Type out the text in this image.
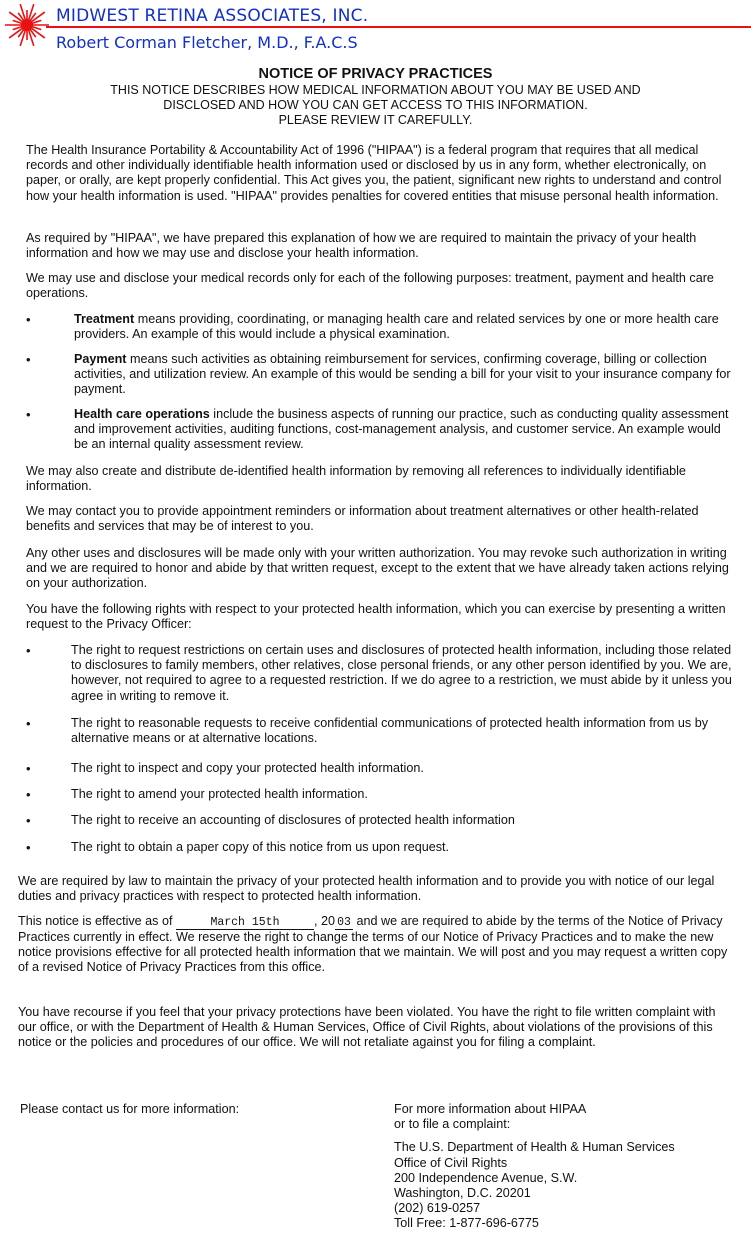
MIDWEST RETINA ASSOCIATES, INC.
Robert Corman Fletcher, M.D., F.A.C.S

NOTICE OF PRIVACY PRACTICES

THIS NOTICE DESCRIBES HOW MEDICAL INFORMATION ABOUT YOU MAY BE USED AND

DISCLOSED AND HOW YOU CAN GET ACCESS TO THIS INFORMATION.

PLEASE REVIEW IT CAREFULLY.

The Health Insurance Portability & Accountability Act of 1996 ("HIPAA") is a federal program that requires that all medical records and other individually identifiable health information used or disclosed by us in any form, whether electronically, on paper, or orally, are kept properly confidential. This Act gives you, the patient, significant new rights to understand and control how your health information is used. "HIPAA" provides penalties for covered entities that misuse personal health information.

As required by "HIPAA", we have prepared this explanation of how we are required to maintain the privacy of your health information and how we may use and disclose your health information.

We may use and disclose your medical records only for each of the following purposes: treatment, payment and health care operations.

•	Treatment means providing, coordinating, or managing health care and related services by one or more health care providers. An example of this would include a physical examination.
•	Payment means such activities as obtaining reimbursement for services, confirming coverage, billing or collection activities, and utilization review. An example of this would be sending a bill for your visit to your insurance company for payment.
•	Health care operations include the business aspects of running our practice, such as conducting quality assessment and improvement activities, auditing functions, cost-management analysis, and customer service. An example would be an internal quality assessment review.

We may also create and distribute de-identified health information by removing all references to individually identifiable information.

We may contact you to provide appointment reminders or information about treatment alternatives or other health-related benefits and services that may be of interest to you.

Any other uses and disclosures will be made only with your written authorization. You may revoke such authorization in writing and we are required to honor and abide by that written request, except to the extent that we have already taken actions relying on your authorization.

You have the following rights with respect to your protected health information, which you can exercise by presenting a written request to the Privacy Officer:

•	The right to request restrictions on certain uses and disclosures of protected health information, including those related to disclosures to family members, other relatives, close personal friends, or any other person identified by you. We are, however, not required to agree to a requested restriction. If we do agree to a restriction, we must abide by it unless you agree in writing to remove it.
•	The right to reasonable requests to receive confidential communications of protected health information from us by alternative means or at alternative locations.
•	The right to inspect and copy your protected health information.
•	The right to amend your protected health information.
•	The right to receive an accounting of disclosures of protected health information
•	The right to obtain a paper copy of this notice from us upon request.

We are required by law to maintain the privacy of your protected health information and to provide you with notice of our legal duties and privacy practices with respect to protected health information.

This notice is effective as of	March 15th	, 20 03 and we are required to abide by the terms of the Notice of Privacy Practices currently in effect. We reserve the right to change the terms of our Notice of Privacy Practices and to make the new notice provisions effective for all protected health information that we maintain. We will post and you may request a written copy of a revised Notice of Privacy Practices from this office.

You have recourse if you feel that your privacy protections have been violated. You have the right to file written complaint with our office, or with the Department of Health & Human Services, Office of Civil Rights, about violations of the provisions of this notice or the policies and procedures of our office. We will not retaliate against you for filing a complaint.

Please contact us for more information:	For more information about HIPAA

or to file a complaint:

The U.S. Department of Health & Human Services

Office of Civil Rights

200 Independence Avenue, S.W.

Washington, D.C. 20201

(202) 619-0257

Toll Free: 1-877-696-6775
